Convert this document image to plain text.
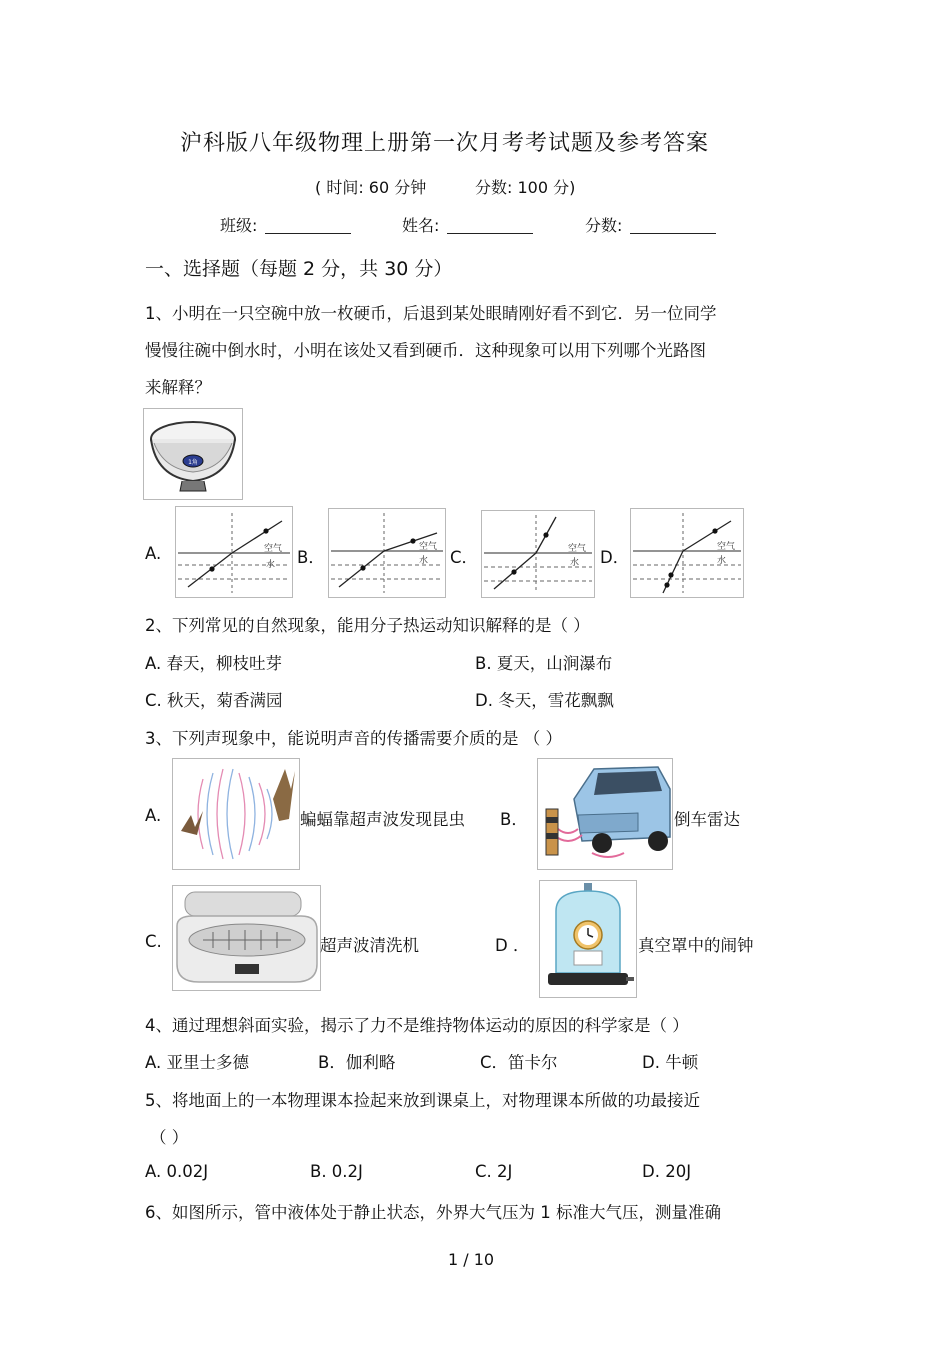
沪科版八年级物理上册第一次月考考试题及参考答案
( 时间: 60 分钟	分数: 100 分)
班级:	姓名:	分数:
一、选择题（每题 2 分，共 30 分）
1、小明在一只空碗中放一枚硬币，后退到某处眼睛刚好看不到它．另一位同学
慢慢往碗中倒水时，小明在该处又看到硬币．这种现象可以用下列哪个光路图
来解释？
1角
A.	空气
水 B．
空气
水 C．	空气
水 D．
空气
水
2、下列常见的自然现象，能用分子热运动知识解释的是（ ）
A. 春天，柳枝吐芽	B. 夏天，山涧瀑布
C. 秋天，菊香满园	D. 冬天，雪花飘飘
3、下列声现象中，能说明声音的传播需要介质的是 （ ）
A.	蝙蝠靠超声波发现昆虫 B．	倒车雷达
C.	超声波清洗机	D ．	真空罩中的闹钟
4、通过理想斜面实验，揭示了力不是维持物体运动的原因的科学家是（ ）
A. 亚里士多德	B．伽利略	C．笛卡尔	D. 牛顿
5、将地面上的一本物理课本捡起来放到课桌上，对物理课本所做的功最接近
（ ）
A. 0.02J	B. 0.2J	C. 2J	D. 20J
6、如图所示，管中液体处于静止状态，外界大气压为 1 标准大气压，测量准确
1 / 10
